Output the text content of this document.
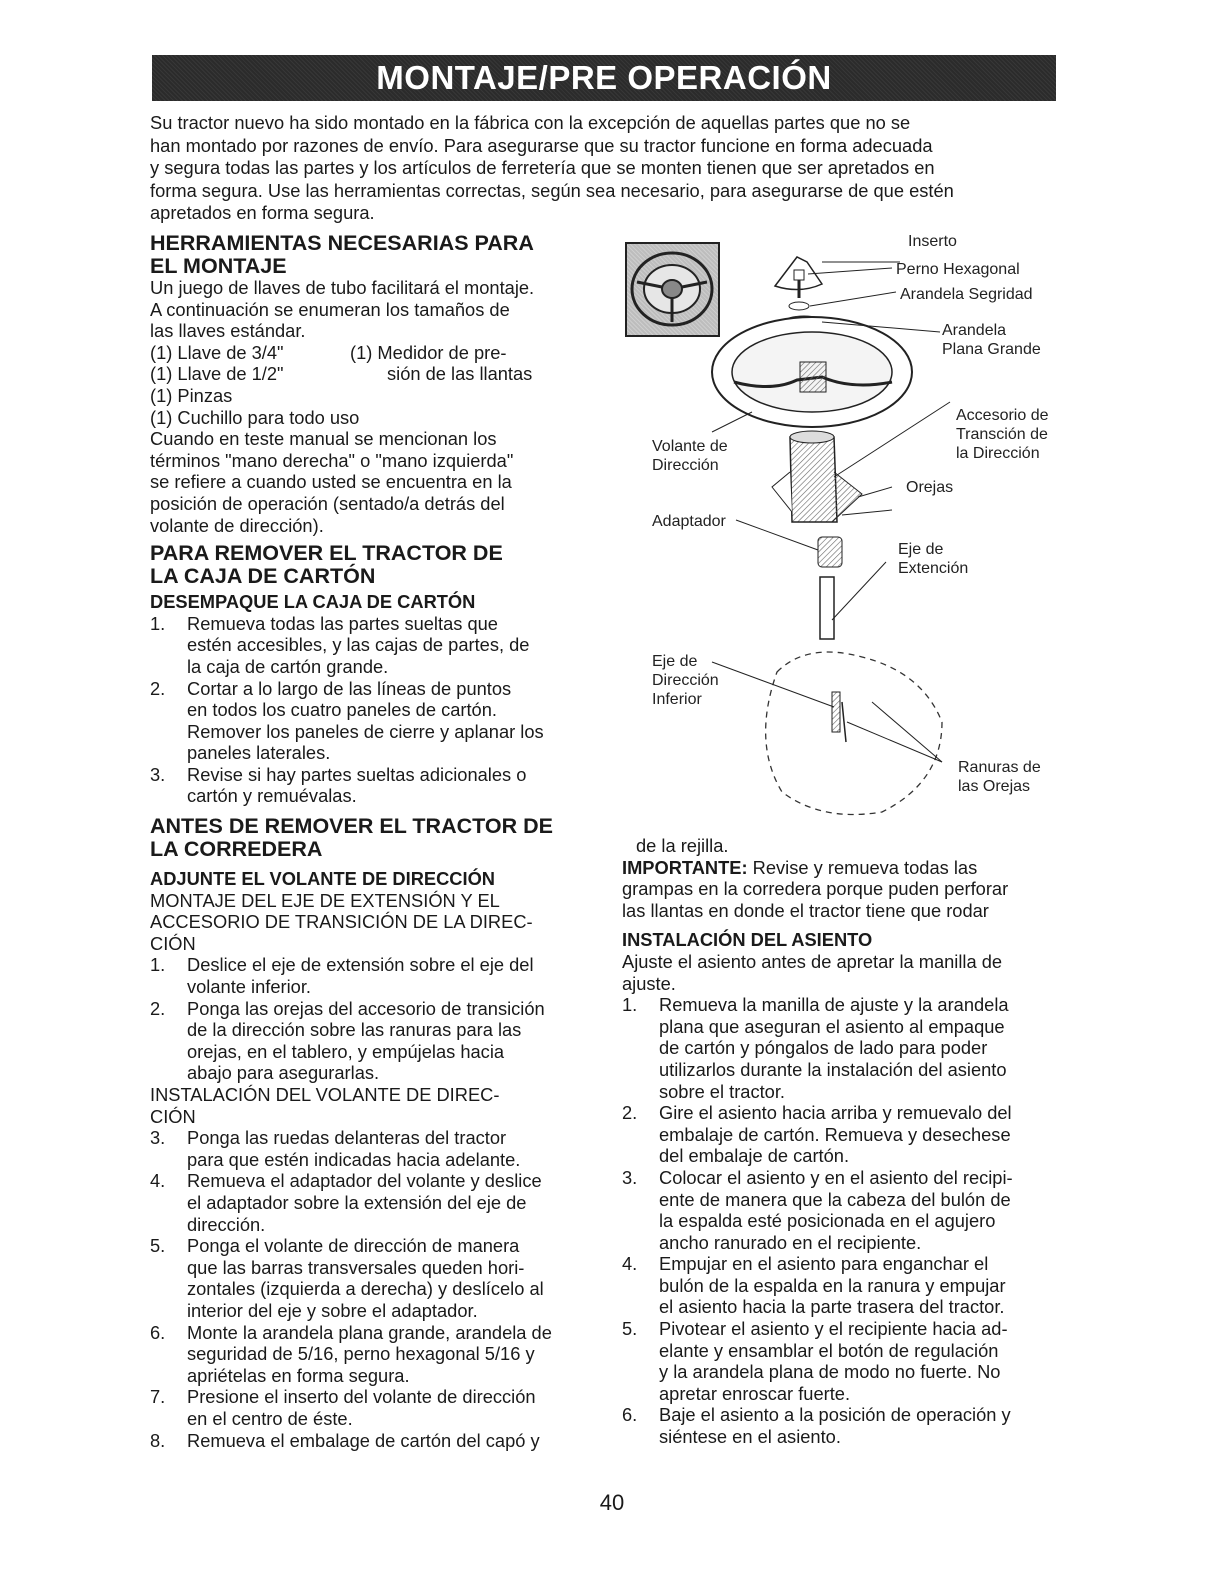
MONTAJE/PRE OPERACIÓN

Su tractor nuevo ha sido montado en la fábrica con la excepción de aquellas partes que no se

han montado por razones de envío. Para asegurarse que su tractor funcione en forma adecuada

y segura todas las partes y los artículos de ferretería que se monten tienen que ser apretados en

forma segura. Use las herramientas correctas, según sea necesario, para asegurarse de que estén

apretados en forma segura.

HERRAMIENTAS NECESARIAS PARA
EL MONTAJE
Un juego de llaves de tubo facilitará el montaje.
A continuación se enumeran los tamaños de
las llaves estándar.
(1) Llave de 3/4"	(1) Medidor de pre-
(1) Llave de 1/2"	sión de las llantas
(1) Pinzas
(1) Cuchillo para todo uso
Cuando en teste manual se mencionan los
términos "mano derecha" o "mano izquierda"
se refiere a cuando usted se encuentra en la
posición de operación (sentado/a detrás del
volante de dirección).
PARA REMOVER EL TRACTOR DE
LA CAJA DE CARTÓN
DESEMPAQUE LA CAJA DE CARTÓN
1.	Remueva todas las partes sueltas que
estén accesibles, y las cajas de partes, de
la caja de cartón grande.
2.	Cortar a lo largo de las líneas de puntos
en todos los cuatro paneles de cartón.
Remover los paneles de cierre y aplanar los
paneles laterales.
3.	Revise si hay partes sueltas adicionales o
cartón y remuévalas.
ANTES DE REMOVER EL TRACTOR DE
LA CORREDERA
ADJUNTE EL VOLANTE DE DIRECCIÓN
MONTAJE DEL EJE DE EXTENSIÓN Y EL
ACCESORIO DE TRANSICIÓN DE LA DIREC-
CIÓN
1.	Deslice el eje de extensión sobre el eje del
volante inferior.
2.	Ponga las orejas del accesorio de transición
de la dirección sobre las ranuras para las
orejas, en el tablero, y empújelas hacia
abajo para asegurarlas.
INSTALACIÓN DEL VOLANTE DE DIREC-
CIÓN
3.	Ponga las ruedas delanteras del tractor
para que estén indicadas hacia adelante.
4.	Remueva el adaptador del volante y deslice
el adaptador sobre la extensión del eje de
dirección.
5.	Ponga el volante de dirección de manera
que las barras transversales queden hori-
zontales (izquierda a derecha) y deslícelo al
interior del eje y sobre el adaptador.
6.	Monte la arandela plana grande, arandela de
seguridad de 5/16, perno hexagonal 5/16 y
apriételas en forma segura.
7.	Presione el inserto del volante de dirección
en el centro de éste.
8.	Remueva el embalage de cartón del capó y
Inserto
Perno Hexagonal
Arandela Segridad
Arandela
Plana Grande
Accesorio de
Transción de
la Dirección
Volante de
Dirección
Orejas
Adaptador
Eje de
Extención
Eje de
Dirección
Inferior
Ranuras de
las Orejas
de la rejilla.
IMPORTANTE: Revise y remueva todas las
grampas en la corredera porque puden perforar
las llantas en donde el tractor tiene que rodar
INSTALACIÓN DEL ASIENTO
Ajuste el asiento antes de apretar la manilla de
ajuste.
1.	Remueva la manilla de ajuste y la arandela
plana que aseguran el asiento al empaque
de cartón y póngalos de lado para poder
utilizarlos durante la instalación del asiento
sobre el tractor.
2.	Gire el asiento hacia arriba y remuevalo del
embalaje de cartón. Remueva y desechese
del embalaje de cartón.
3.	Colocar el asiento y en el asiento del recipi-
ente de manera que la cabeza del bulón de
la espalda esté posicionada en el agujero
ancho ranurado en el recipiente.
4.	Empujar en el asiento para enganchar el
bulón de la espalda en la ranura y empujar
el asiento hacia la parte trasera del tractor.
5.	Pivotear el asiento y el recipiente hacia ad-
elante y ensamblar el botón de regulación
y la arandela plana de modo no fuerte. No
apretar enroscar fuerte.
6.	Baje el asiento a la posición de operación y
siéntese en el asiento.
40
